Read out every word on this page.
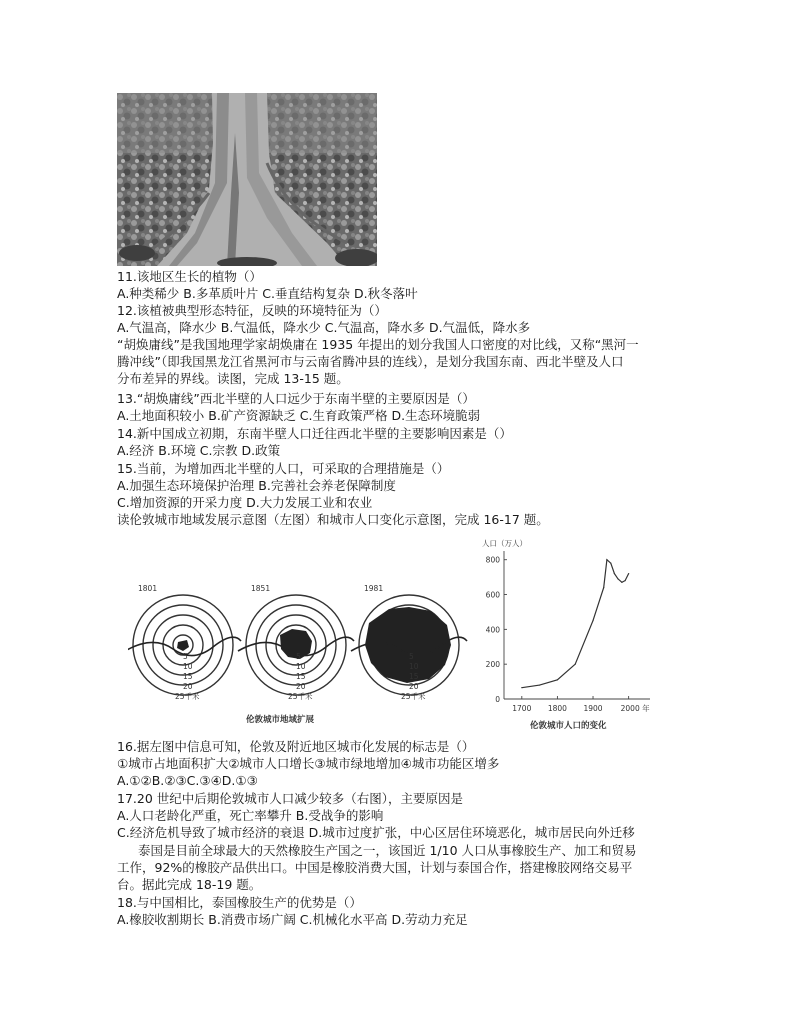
11.该地区生长的植物（）
A.种类稀少 B.多革质叶片 C.垂直结构复杂 D.秋冬落叶
12.该植被典型形态特征，反映的环境特征为（）
A.气温高，降水少 B.气温低，降水少 C.气温高，降水多 D.气温低，降水多
“胡焕庸线”是我国地理学家胡焕庸在 1935 年提出的划分我国人口密度的对比线，又称“黑河一
腾冲线”（即我国黑龙江省黑河市与云南省腾冲县的连线），是划分我国东南、西北半壁及人口
分布差异的界线。读图，完成 13-15 题。
13.“胡焕庸线”西北半壁的人口远少于东南半壁的主要原因是（）
A.土地面积较小 B.矿产资源缺乏 C.生育政策严格 D.生态环境脆弱
14.新中国成立初期，东南半壁人口迁往西北半壁的主要影响因素是（）
A.经济 B.环境 C.宗教 D.政策
15.当前，为增加西北半壁的人口，可采取的合理措施是（）
A.加强生态环境保护治理 B.完善社会养老保障制度
C.增加资源的开采力度 D.大力发展工业和农业
读伦敦城市地域发展示意图（左图）和城市人口变化示意图，完成 16-17 题。
1801
5
10
15
20
25千米
1851
5
10
15
20
25千米
1981
5
10
15
20
25千米
伦敦城市地域扩展
人口（万人）
0
200
400
600
800
1700 1800 1900 2000 年
伦敦城市人口的变化
16.据左图中信息可知，伦敦及附近地区城市化发展的标志是（）
①城市占地面积扩大②城市人口增长③城市绿地增加④城市功能区增多
A.①②B.②③C.③④D.①③
17.20 世纪中后期伦敦城市人口减少较多（右图），主要原因是
A.人口老龄化严重，死亡率攀升 B.受战争的影响
C.经济危机导致了城市经济的衰退 D.城市过度扩张，中心区居住环境恶化，城市居民向外迁移
泰国是目前全球最大的天然橡胶生产国之一，该国近 1/10 人口从事橡胶生产、加工和贸易
工作，92%的橡胶产品供出口。中国是橡胶消费大国，计划与泰国合作，搭建橡胶网络交易平
台。据此完成 18-19 题。
18.与中国相比，泰国橡胶生产的优势是（）
A.橡胶收割期长 B.消费市场广阔 C.机械化水平高 D.劳动力充足
